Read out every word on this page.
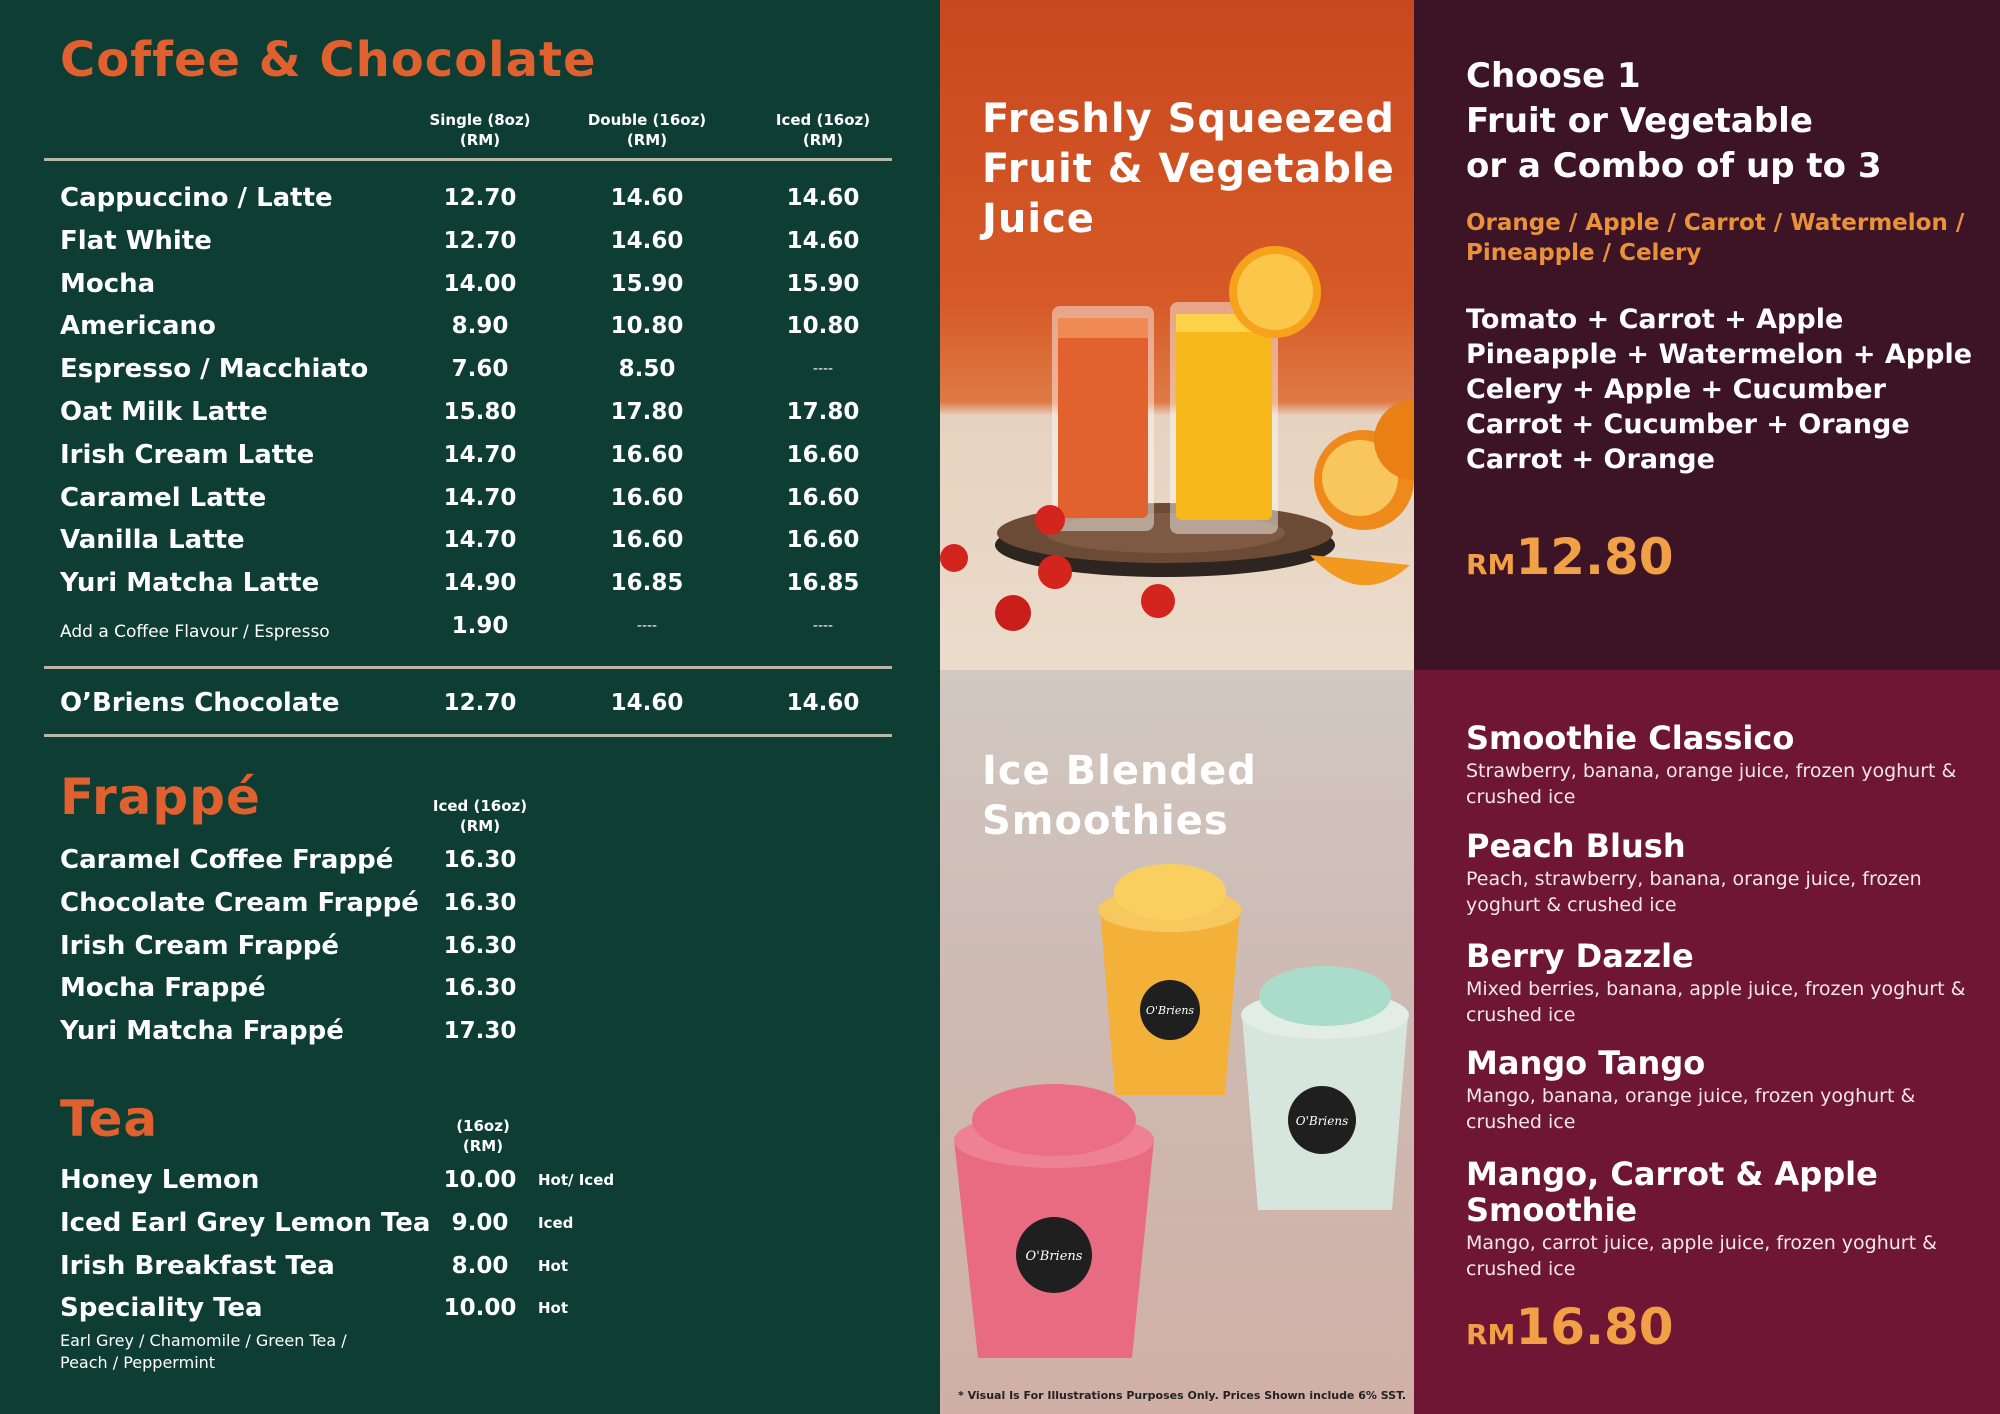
Coffee & Chocolate
Single (8oz)
(RM)
Double (16oz)
(RM)
Iced (16oz)
(RM)
Cappuccino / Latte	12.70	14.60	14.60
Flat White	12.70	14.60	14.60
Mocha	14.00	15.90	15.90
Americano	8.90	10.80	10.80
Espresso / Macchiato	7.60	8.50	----
Oat Milk Latte	15.80	17.80	17.80
Irish Cream Latte	14.70	16.60	16.60
Caramel Latte	14.70	16.60	16.60
Vanilla Latte	14.70	16.60	16.60
Yuri Matcha Latte	14.90	16.85	16.85
Add a Coffee Flavour / Espresso	1.90	----	----
O’Briens Chocolate	12.70	14.60	14.60
Frappé	Iced (16oz)
(RM)
Caramel Coffee Frappé	16.30
Chocolate Cream Frappé	16.30
Irish Cream Frappé	16.30
Mocha Frappé	16.30
Yuri Matcha Frappé	17.30
Tea	(16oz)
(RM)
Honey Lemon	10.00	Hot/ Iced
Iced Earl Grey Lemon Tea 9.00	Iced
Irish Breakfast Tea	8.00	Hot
Speciality Tea	10.00	Hot
Earl Grey / Chamomile / Green Tea / Peach / Peppermint
Freshly Squeezed
Fruit & Vegetable
Juice
Ice Blended
Smoothies
O'Briens
O'Briens
O'Briens
* Visual Is For Illustrations Purposes Only. Prices Shown include 6% SST.
Choose 1
Fruit or Vegetable
or a Combo of up to 3
Orange / Apple / Carrot / Watermelon / Pineapple / Celery
Tomato + Carrot + Apple
Pineapple + Watermelon + Apple
Celery + Apple + Cucumber
Carrot + Cucumber + Orange
Carrot + Orange
RM12.80
Smoothie Classico
Strawberry, banana, orange juice, frozen yoghurt & crushed ice
Peach Blush
Peach, strawberry, banana, orange juice, frozen yoghurt & crushed ice
Berry Dazzle
Mixed berries, banana, apple juice, frozen yoghurt & crushed ice
Mango Tango
Mango, banana, orange juice, frozen yoghurt & crushed ice
Mango, Carrot & Apple Smoothie
Mango, carrot juice, apple juice, frozen yoghurt & crushed ice
RM16.80
